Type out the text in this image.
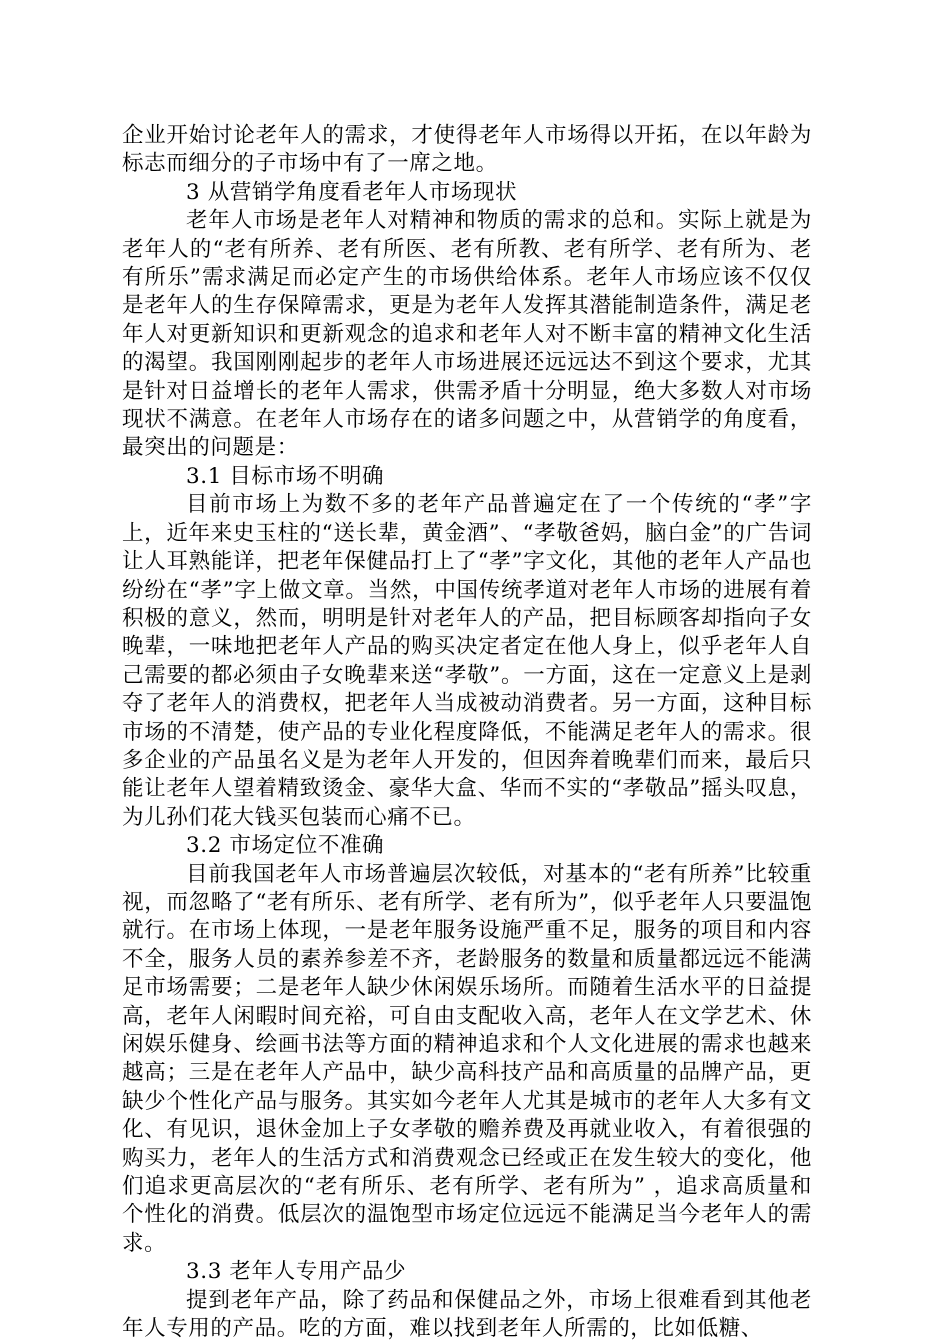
企业开始讨论老年人的需求，才使得老年人市场得以开拓，在以年龄为标志而细分的子市场中有了一席之地。

3 从营销学角度看老年人市场现状

老年人市场是老年人对精神和物质的需求的总和。实际上就是为老年人的“老有所养、老有所医、老有所教、老有所学、老有所为、老有所乐”需求满足而必定产生的市场供给体系。老年人市场应该不仅仅是老年人的生存保障需求，更是为老年人发挥其潜能制造条件，满足老年人对更新知识和更新观念的追求和老年人对不断丰富的精神文化生活的渴望。我国刚刚起步的老年人市场进展还远远达不到这个要求，尤其是针对日益增长的老年人需求，供需矛盾十分明显，绝大多数人对市场现状不满意。在老年人市场存在的诸多问题之中，从营销学的角度看，最突出的问题是：

3.1 目标市场不明确

目前市场上为数不多的老年产品普遍定在了一个传统的“孝”字上，近年来史玉柱的“送长辈，黄金酒”、“孝敬爸妈，脑白金”的广告词让人耳熟能详，把老年保健品打上了“孝”字文化，其他的老年人产品也纷纷在“孝”字上做文章。当然，中国传统孝道对老年人市场的进展有着积极的意义，然而，明明是针对老年人的产品，把目标顾客却指向子女晚辈，一味地把老年人产品的购买决定者定在他人身上，似乎老年人自己需要的都必须由子女晚辈来送“孝敬”。一方面，这在一定意义上是剥夺了老年人的消费权，把老年人当成被动消费者。另一方面，这种目标市场的不清楚，使产品的专业化程度降低，不能满足老年人的需求。很多企业的产品虽名义是为老年人开发的，但因奔着晚辈们而来，最后只能让老年人望着精致烫金、豪华大盒、华而不实的“孝敬品”摇头叹息，为儿孙们花大钱买包装而心痛不已。

3.2 市场定位不准确

目前我国老年人市场普遍层次较低，对基本的“老有所养”比较重视，而忽略了“老有所乐、老有所学、老有所为”，似乎老年人只要温饱就行。在市场上体现，一是老年服务设施严重不足，服务的项目和内容不全，服务人员的素养参差不齐，老龄服务的数量和质量都远远不能满足市场需要；二是老年人缺少休闲娱乐场所。而随着生活水平的日益提高，老年人闲暇时间充裕，可自由支配收入高，老年人在文学艺术、休闲娱乐健身、绘画书法等方面的精神追求和个人文化进展的需求也越来越高；三是在老年人产品中，缺少高科技产品和高质量的品牌产品，更缺少个性化产品与服务。其实如今老年人尤其是城市的老年人大多有文化、有见识，退休金加上子女孝敬的赡养费及再就业收入，有着很强的购买力，老年人的生活方式和消费观念已经或正在发生较大的变化，他们追求更高层次的“老有所乐、老有所学、老有所为” ，追求高质量和个性化的消费。低层次的温饱型市场定位远远不能满足当今老年人的需求。

3.3 老年人专用产品少

提到老年产品，除了药品和保健品之外，市场上很难看到其他老年人专用的产品。吃的方面，难以找到老年人所需的，比如低糖、
